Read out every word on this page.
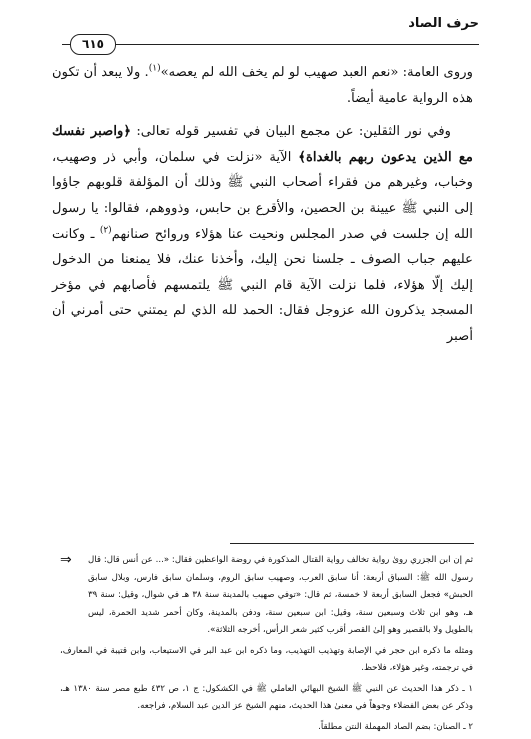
حرف الصاد
٦١٥

وروى العامة: «نعم العبد صهيب لو لم يخف الله لم يعصه»$^{(١)}$. ولا يبعد أن تكون هذه الرواية عامية أيضاً.

وفي نور الثقلين: عن مجمع البيان في تفسير قوله تعالى: ﴿واصبر نفسك مع الذين يدعون ربهم بالغداة﴾ الآية «نزلت في سلمان، وأبي ذر وصهيب، وخباب، وغيرهم من فقراء أصحاب النبي ﷺ وذلك أن المؤلفة قلوبهم جاؤوا إلى النبي ﷺ عيينة بن الحصين، والأقرع بن حابس، وذووهم، فقالوا: يا رسول الله إن جلست في صدر المجلس ونحيت عنا هؤلاء وروائح صنانهم$^{(٢)}$ ـ وكانت عليهم جباب الصوف ـ جلسنا نحن إليك، وأخذنا عنك، فلا يمنعنا من الدخول إليك إلّا هؤلاء، فلما نزلت الآية قام النبي ﷺ يلتمسهم فأصابهم في مؤخر المسجد يذكرون الله عزوجل فقال: الحمد لله الذي لم يمتني حتى أمرني أن أصبر

⇒ ثم إن ابن الجزري روىٰ رواية تخالف رواية القتال المذكورة في روضة الواعظين فقال: «... عن أنس قال: قال رسول الله ﷺ: السباق أربعة: أنا سابق العرب، وصهيب سابق الروم، وسلمان سابق فارس، وبلال سابق الحبش» فجعل السابق أربعة لا خمسة، ثم قال: «توفي صهيب بالمدينة سنة ٣٨ هـ في شوال، وقيل: سنة ٣٩ هـ، وهو ابن ثلاث وسبعين سنة، وقيل: ابن سبعين سنة، ودفن بالمدينة، وكان أحمر شديد الحمرة، ليس بالطويل ولا بالقصير وهو إلىٰ القصر أقرب كثير شعر الرأس، أخرجه الثلاثة».

ومثله ما ذكره ابن حجر في الإصابة وتهذيب التهذيب، وما ذكره ابن عبد البر في الاستيعاب، وابن قتيبة في المعارف، في ترجمته، وغير هؤلاء، فلاحظ.

١ ـ ذكر هذا الحديث عن النبي ﷺ الشيخ البهائي العاملي ﷺ في الكشكول: ج ١، ص ٤٣٢ طبع مصر سنة ١٣٨٠ هـ، وذكر عن بعض الفضلاء وجوهاً في معنىٰ هذا الحديث، منهم الشيخ عز الدين عبد السلام، فراجعه.

٢ ـ الصنان: بضم الصاد المهملة النتن مطلقاً.
